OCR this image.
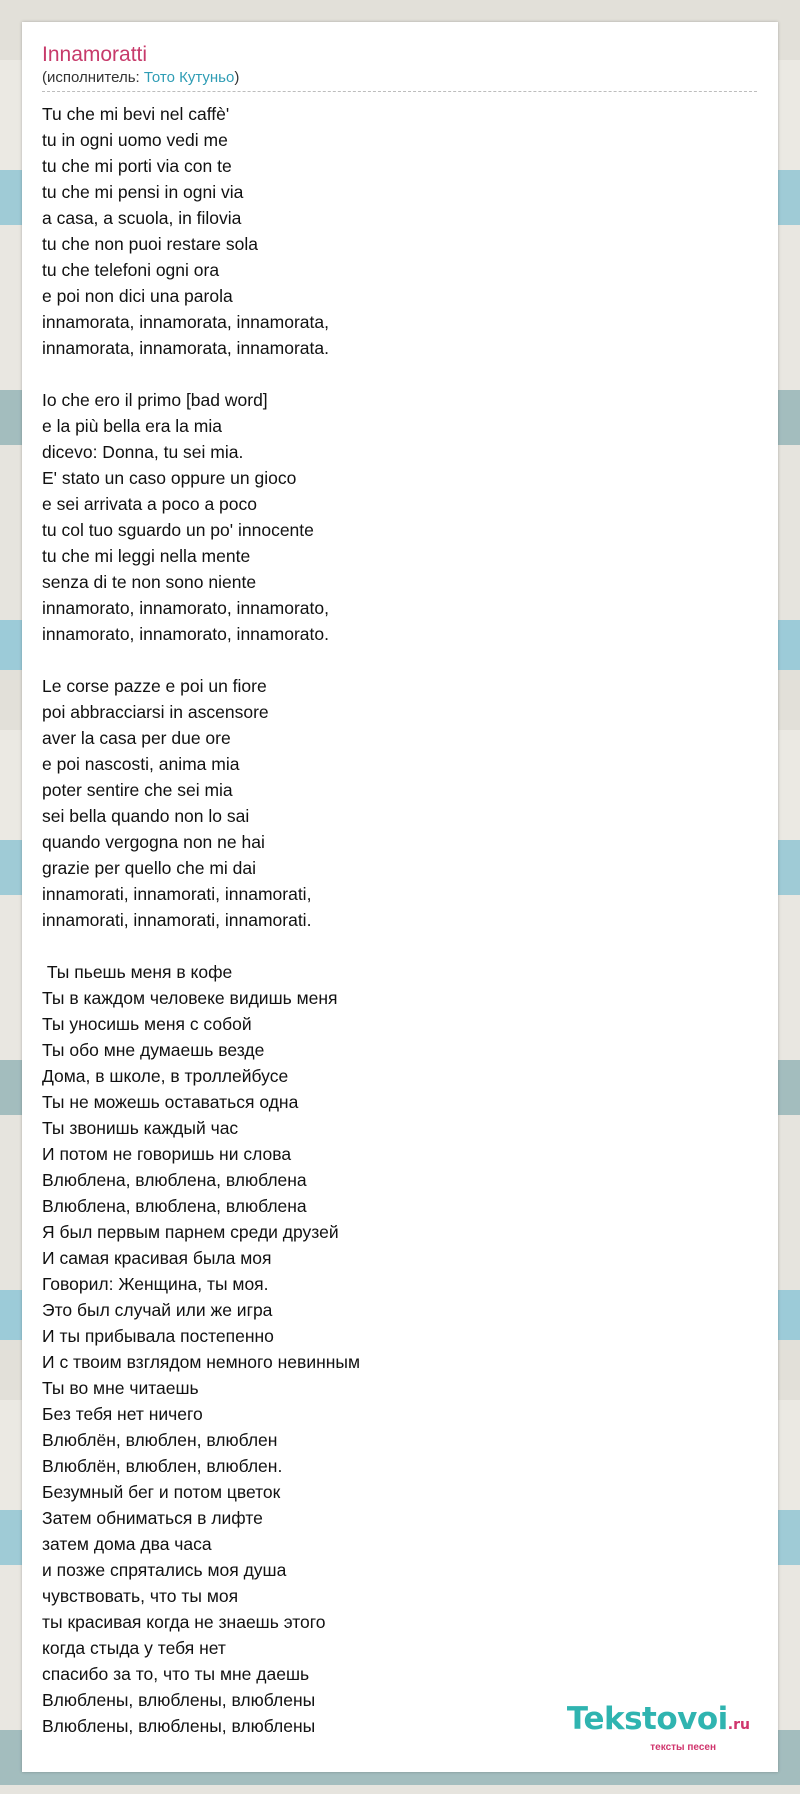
Innamoratti
(исполнитель: Тото Кутуньо)
Tu che mi bevi nel caffè'
tu in ogni uomo vedi me
tu che mi porti via con te
tu che mi pensi in ogni via
a casa, a scuola, in filovia
tu che non puoi restare sola
tu che telefoni ogni ora
e poi non dici una parola
innamorata, innamorata, innamorata,
innamorata, innamorata, innamorata.
Io che ero il primo [bad word]
e la più bella era la mia
dicevo: Donna, tu sei mia.
E' stato un caso oppure un gioco
e sei arrivata a poco a poco
tu col tuo sguardo un po' innocente
tu che mi leggi nella mente
senza di te non sono niente
innamorato, innamorato, innamorato,
innamorato, innamorato, innamorato.
Le corse pazze e poi un fiore
poi abbracciarsi in ascensore
aver la casa per due ore
e poi nascosti, anima mia
poter sentire che sei mia
sei bella quando non lo sai
quando vergogna non ne hai
grazie per quello che mi dai
innamorati, innamorati, innamorati,
innamorati, innamorati, innamorati.
Ты пьешь меня в кофе
Ты в каждом человеке видишь меня
Ты уносишь меня с собой
Ты обо мне думаешь везде
Дома, в школе, в троллейбусе
Ты не можешь оставаться одна
Ты звонишь каждый час
И потом не говоришь ни слова
Влюблена, влюблена, влюблена
Влюблена, влюблена, влюблена
Я был первым парнем среди друзей
И самая красивая была моя
Говорил: Женщина, ты моя.
Это был случай или же игра
И ты прибывала постепенно
И с твоим взглядом немного невинным
Ты во мне читаешь
Без тебя нет ничего
Влюблён, влюблен, влюблен
Влюблён, влюблен, влюблен.
Безумный бег и потом цветок
Затем обниматься в лифте
затем дома два часа
и позже спрятались моя душа
чувствовать, что ты моя
ты красивая когда не знаешь этого
когда стыда у тебя нет
спасибо за то, что ты мне даешь
Влюблены, влюблены, влюблены
Влюблены, влюблены, влюблены	Tekstovoi.ru
тексты песен
